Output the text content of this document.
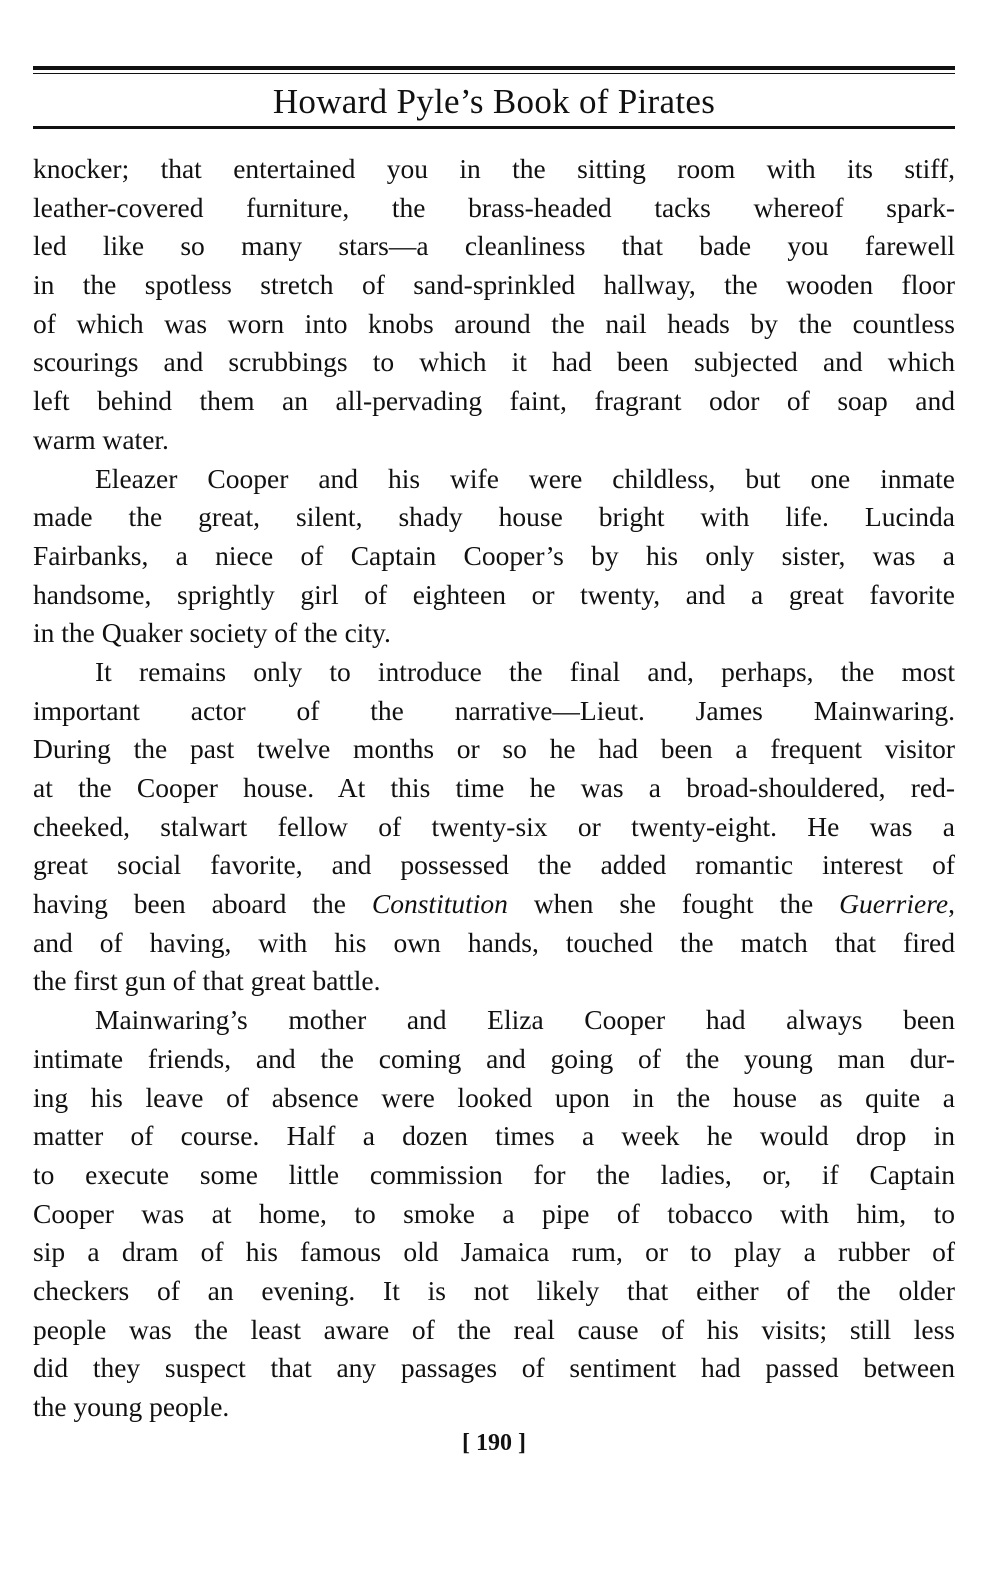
Howard Pyle’s Book of Pirates

knocker; that entertained you in the sitting room with its stiff,
leather-covered furniture, the brass-headed tacks whereof spark-
led like so many stars—a cleanliness that bade you farewell
in the spotless stretch of sand-sprinkled hallway, the wooden floor
of which was worn into knobs around the nail heads by the countless
scourings and scrubbings to which it had been subjected and which
left behind them an all-pervading faint, fragrant odor of soap and
warm water.

Eleazer Cooper and his wife were childless, but one inmate
made the great, silent, shady house bright with life. Lucinda
Fairbanks, a niece of Captain Cooper’s by his only sister, was a
handsome, sprightly girl of eighteen or twenty, and a great favorite
in the Quaker society of the city.

It remains only to introduce the final and, perhaps, the most
important actor of the narrative—Lieut. James Mainwaring.
During the past twelve months or so he had been a frequent visitor
at the Cooper house. At this time he was a broad-shouldered, red-
cheeked, stalwart fellow of twenty-six or twenty-eight. He was a
great social favorite, and possessed the added romantic interest of
having been aboard the Constitution when she fought the Guerriere,
and of having, with his own hands, touched the match that fired
the first gun of that great battle.

Mainwaring’s mother and Eliza Cooper had always been
intimate friends, and the coming and going of the young man dur-
ing his leave of absence were looked upon in the house as quite a
matter of course. Half a dozen times a week he would drop in
to execute some little commission for the ladies, or, if Captain
Cooper was at home, to smoke a pipe of tobacco with him, to
sip a dram of his famous old Jamaica rum, or to play a rubber of
checkers of an evening. It is not likely that either of the older
people was the least aware of the real cause of his visits; still less
did they suspect that any passages of sentiment had passed between
the young people.

[ 190 ]
